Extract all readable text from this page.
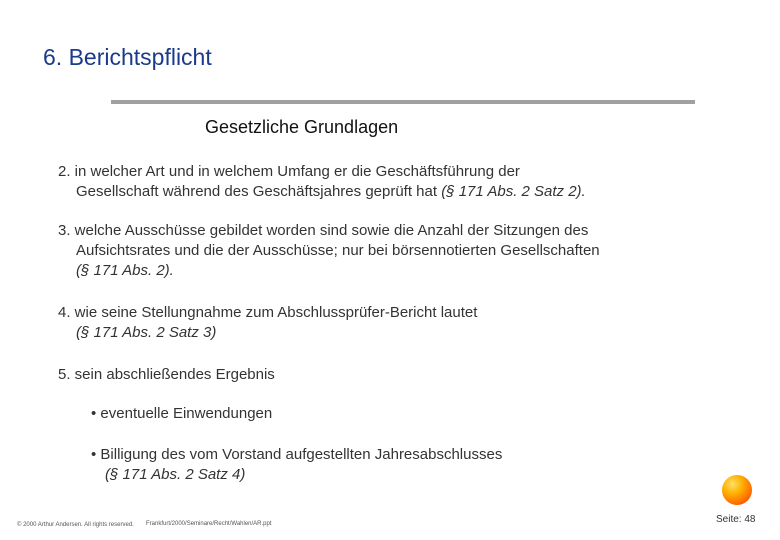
6. Berichtspflicht
Gesetzliche Grundlagen
2. in welcher Art und in welchem Umfang er die Geschäftsführung der
Gesellschaft während des Geschäftsjahres geprüft hat (§ 171 Abs. 2 Satz 2).
3. welche Ausschüsse gebildet worden sind sowie die Anzahl der Sitzungen des
Aufsichtsrates und die der Ausschüsse; nur bei börsennotierten Gesellschaften
(§ 171 Abs. 2).
4. wie seine Stellungnahme zum Abschlussprüfer-Bericht lautet
(§ 171 Abs. 2 Satz 3)
5. sein abschließendes Ergebnis
• eventuelle Einwendungen
• Billigung des vom Vorstand aufgestellten Jahresabschlusses
(§ 171 Abs. 2 Satz 4)
© 2000 Arthur Andersen. All rights reserved. Frankfurt/2000/Seminare/Recht/Wahlen/AR.ppt	Seite: 48
